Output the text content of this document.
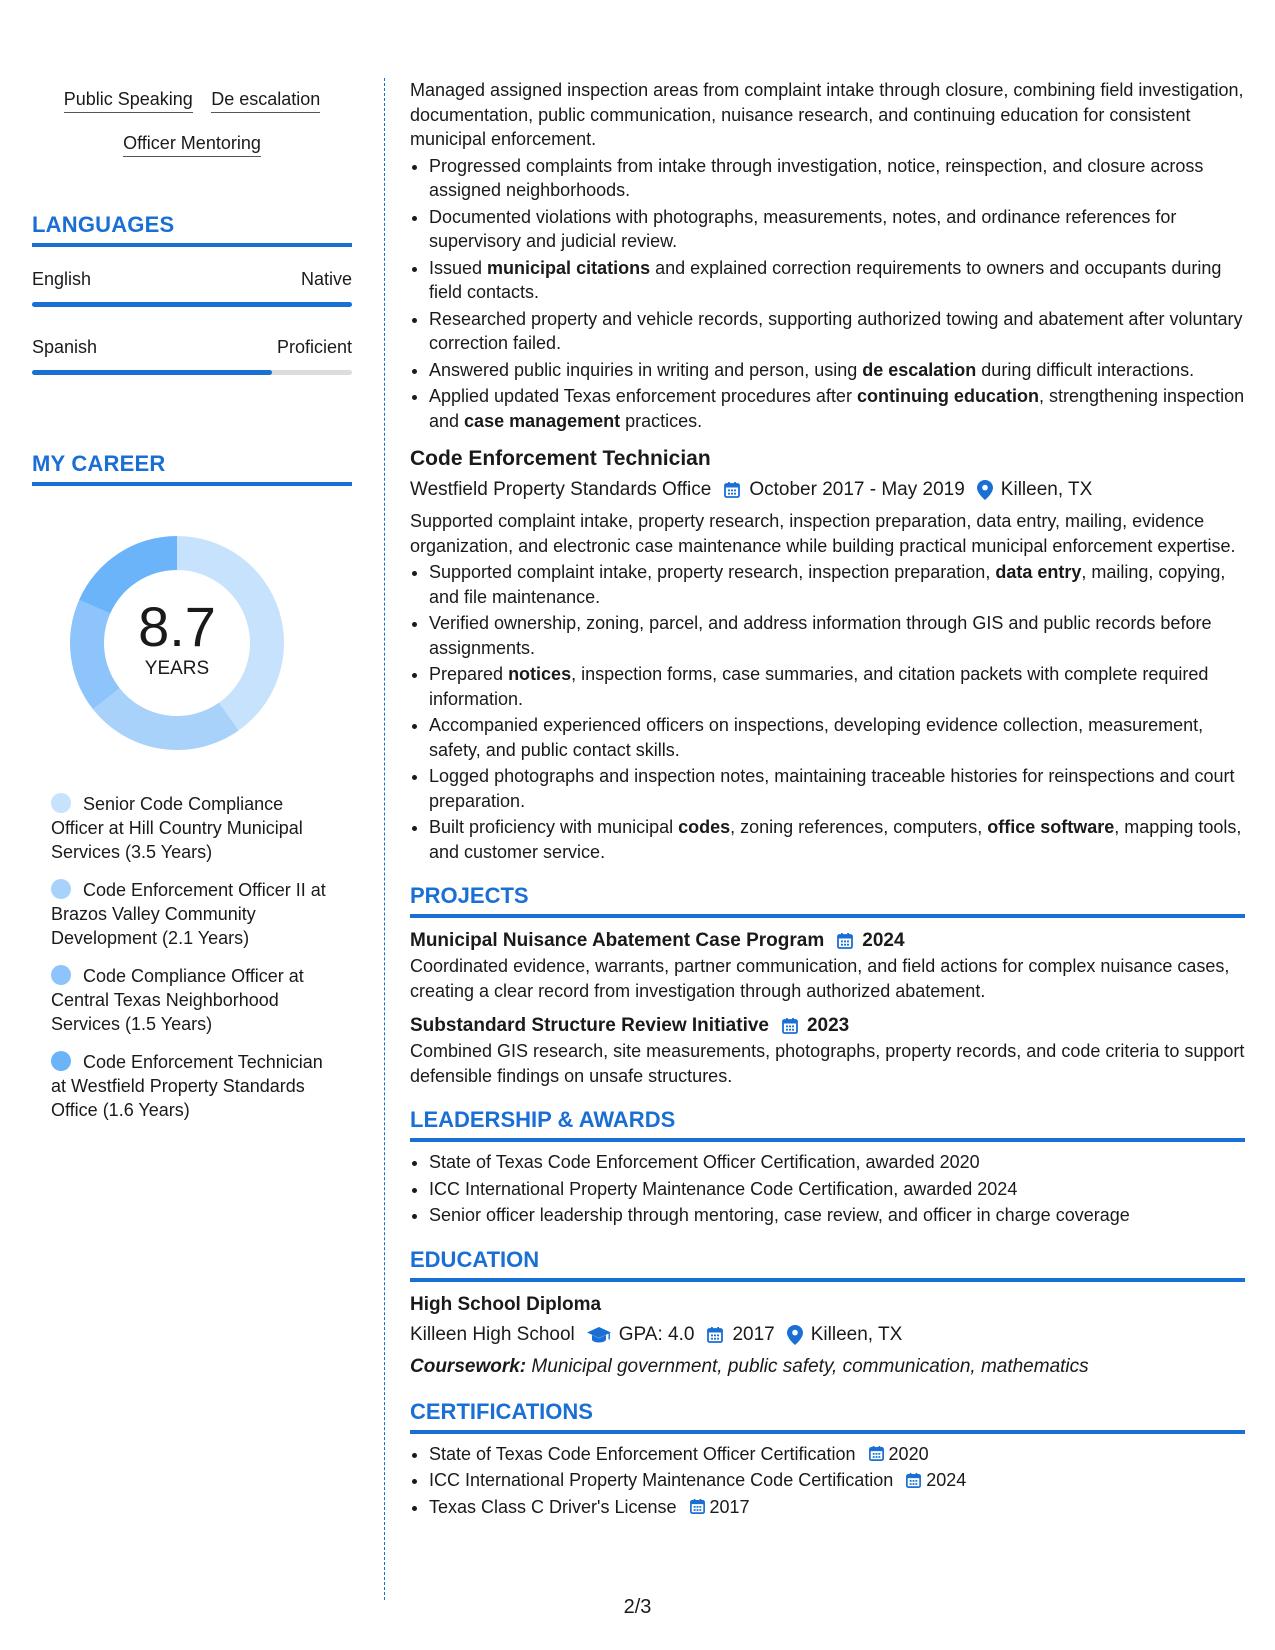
Public Speaking De escalation
Officer Mentoring
LANGUAGES
English	Native
Spanish	Proficient
MY CAREER
8.7
YEARS
Senior Code Compliance Officer at Hill Country Municipal Services (3.5 Years)
Code Enforcement Officer II at Brazos Valley Community Development (2.1 Years)
Code Compliance Officer at Central Texas Neighborhood Services (1.5 Years)
Code Enforcement Technician at Westfield Property Standards Office (1.6 Years)

Managed assigned inspection areas from complaint intake through closure, combining field investigation, documentation, public communication, nuisance research, and continuing education for consistent municipal enforcement.

• Progressed complaints from intake through investigation, notice, reinspection, and closure across assigned neighborhoods.
• Documented violations with photographs, measurements, notes, and ordinance references for supervisory and judicial review.
• Issued municipal citations and explained correction requirements to owners and occupants during field contacts.
• Researched property and vehicle records, supporting authorized towing and abatement after voluntary correction failed.
• Answered public inquiries in writing and person, using de escalation during difficult interactions.
• Applied updated Texas enforcement procedures after continuing education, strengthening inspection and case management practices.
Code Enforcement Technician
Westfield Property Standards Office October 2017 - May 2019 Killeen, TX

Supported complaint intake, property research, inspection preparation, data entry, mailing, evidence organization, and electronic case maintenance while building practical municipal enforcement expertise.

• Supported complaint intake, property research, inspection preparation, data entry, mailing, copying, and file maintenance.
• Verified ownership, zoning, parcel, and address information through GIS and public records before assignments.
• Prepared notices, inspection forms, case summaries, and citation packets with complete required information.
• Accompanied experienced officers on inspections, developing evidence collection, measurement, safety, and public contact skills.
• Logged photographs and inspection notes, maintaining traceable histories for reinspections and court preparation.
• Built proficiency with municipal codes, zoning references, computers, office software, mapping tools, and customer service.
PROJECTS
Municipal Nuisance Abatement Case Program 2024

Coordinated evidence, warrants, partner communication, and field actions for complex nuisance cases, creating a clear record from investigation through authorized abatement.

Substandard Structure Review Initiative 2023

Combined GIS research, site measurements, photographs, property records, and code criteria to support defensible findings on unsafe structures.

LEADERSHIP & AWARDS
• State of Texas Code Enforcement Officer Certification, awarded 2020
• ICC International Property Maintenance Code Certification, awarded 2024
• Senior officer leadership through mentoring, case review, and officer in charge coverage
EDUCATION
High School Diploma
Killeen High School GPA: 4.0 2017 Killeen, TX
Coursework: Municipal government, public safety, communication, mathematics
CERTIFICATIONS
• State of Texas Code Enforcement Officer Certification 2020
• ICC International Property Maintenance Code Certification 2024
• Texas Class C Driver's License 2017
2/3
